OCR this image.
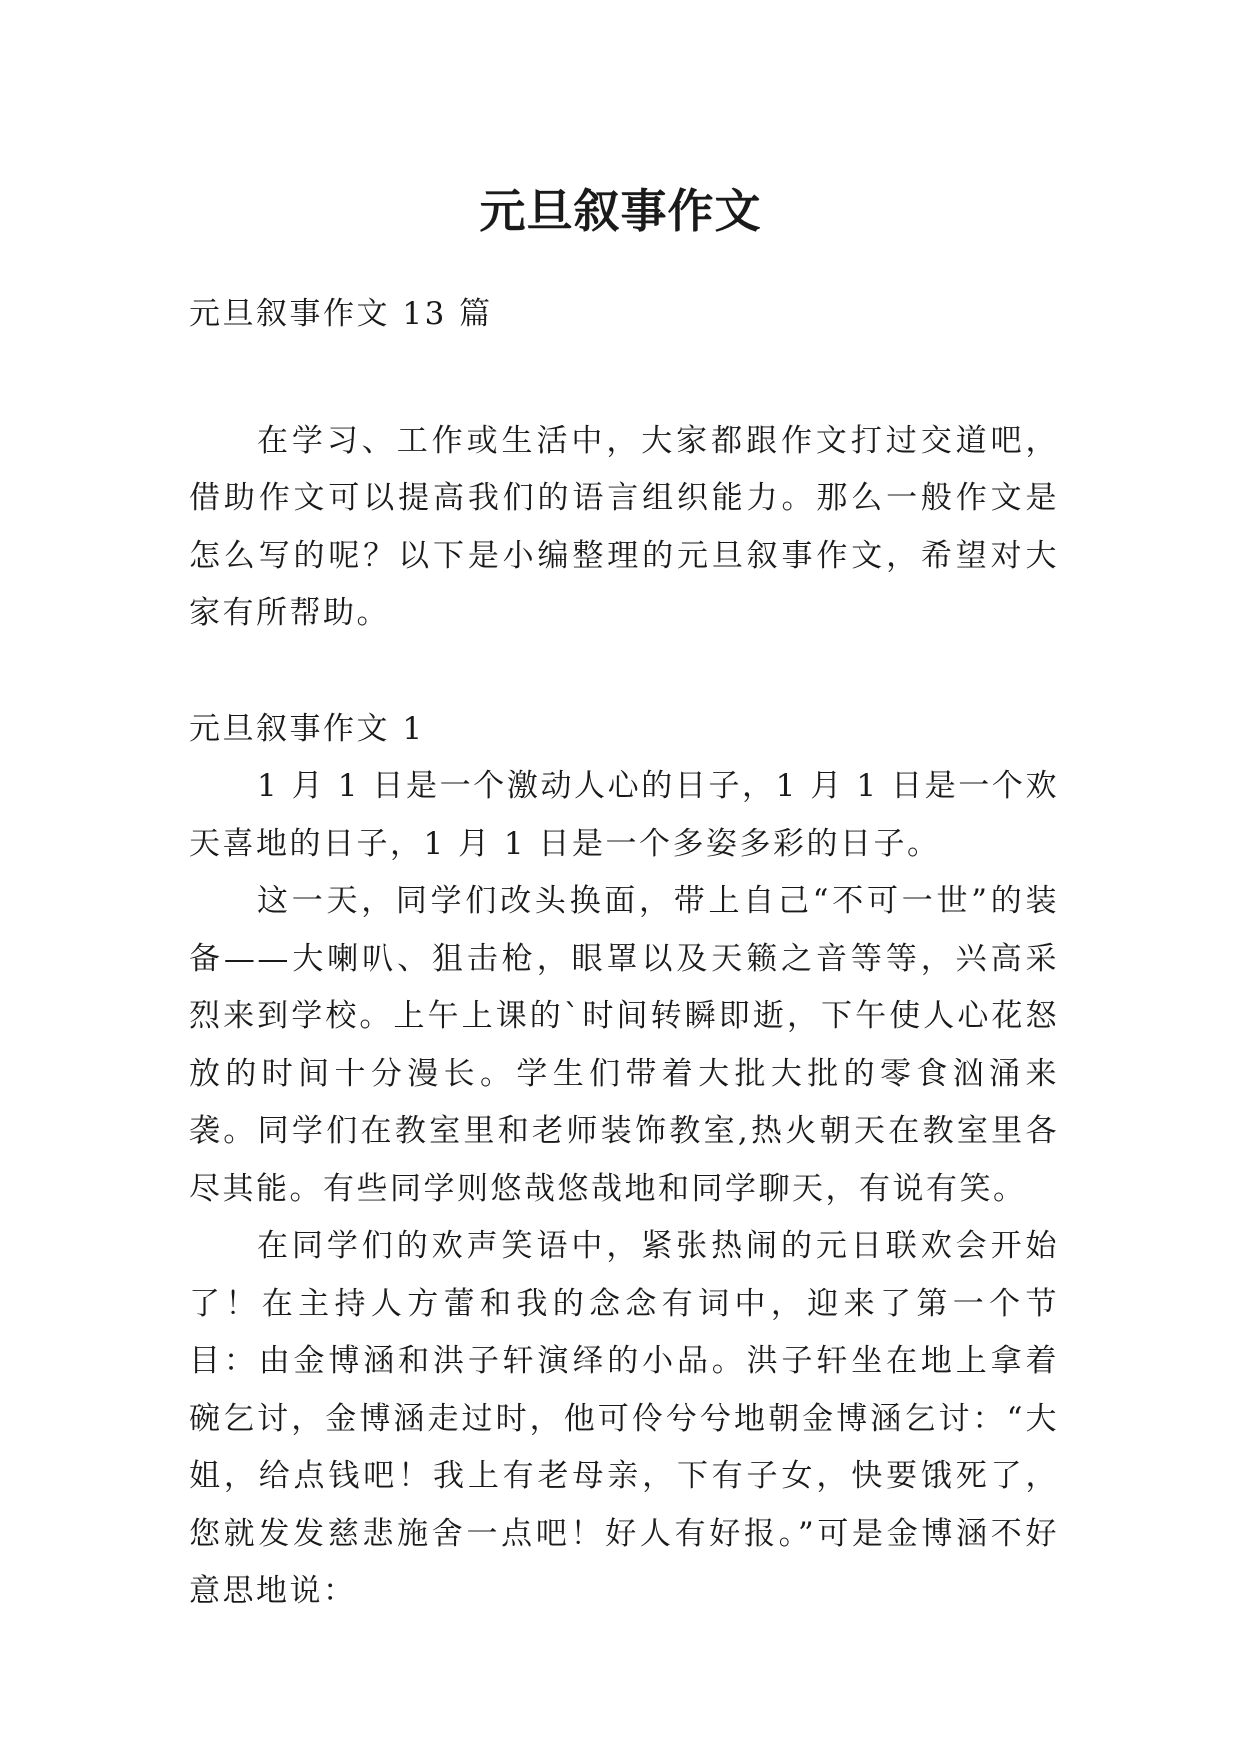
元旦叙事作文

元旦叙事作文 13 篇

在学习、工作或生活中，大家都跟作文打过交道吧，借助作文可以提高我们的语言组织能力。那么一般作文是怎么写的呢？以下是小编整理的元旦叙事作文，希望对大家有所帮助。

元旦叙事作文 1

1 月 1 日是一个激动人心的日子，1 月 1 日是一个欢天喜地的日子，1 月 1 日是一个多姿多彩的日子。

这一天，同学们改头换面，带上自己“不可一世”的装备——大喇叭、狙击枪，眼罩以及天籁之音等等，兴高采烈来到学校。上午上课的`时间转瞬即逝，下午使人心花怒放的时间十分漫长。学生们带着大批大批的零食汹涌来袭。同学们在教室里和老师装饰教室,热火朝天在教室里各尽其能。有些同学则悠哉悠哉地和同学聊天，有说有笑。

在同学们的欢声笑语中，紧张热闹的元日联欢会开始了！在主持人方蕾和我的念念有词中，迎来了第一个节目：由金博涵和洪子轩演绎的小品。洪子轩坐在地上拿着碗乞讨，金博涵走过时，他可伶兮兮地朝金博涵乞讨：“大姐，给点钱吧！我上有老母亲，下有子女，快要饿死了，您就发发慈悲施舍一点吧！好人有好报。”可是金博涵不好意思地说：
